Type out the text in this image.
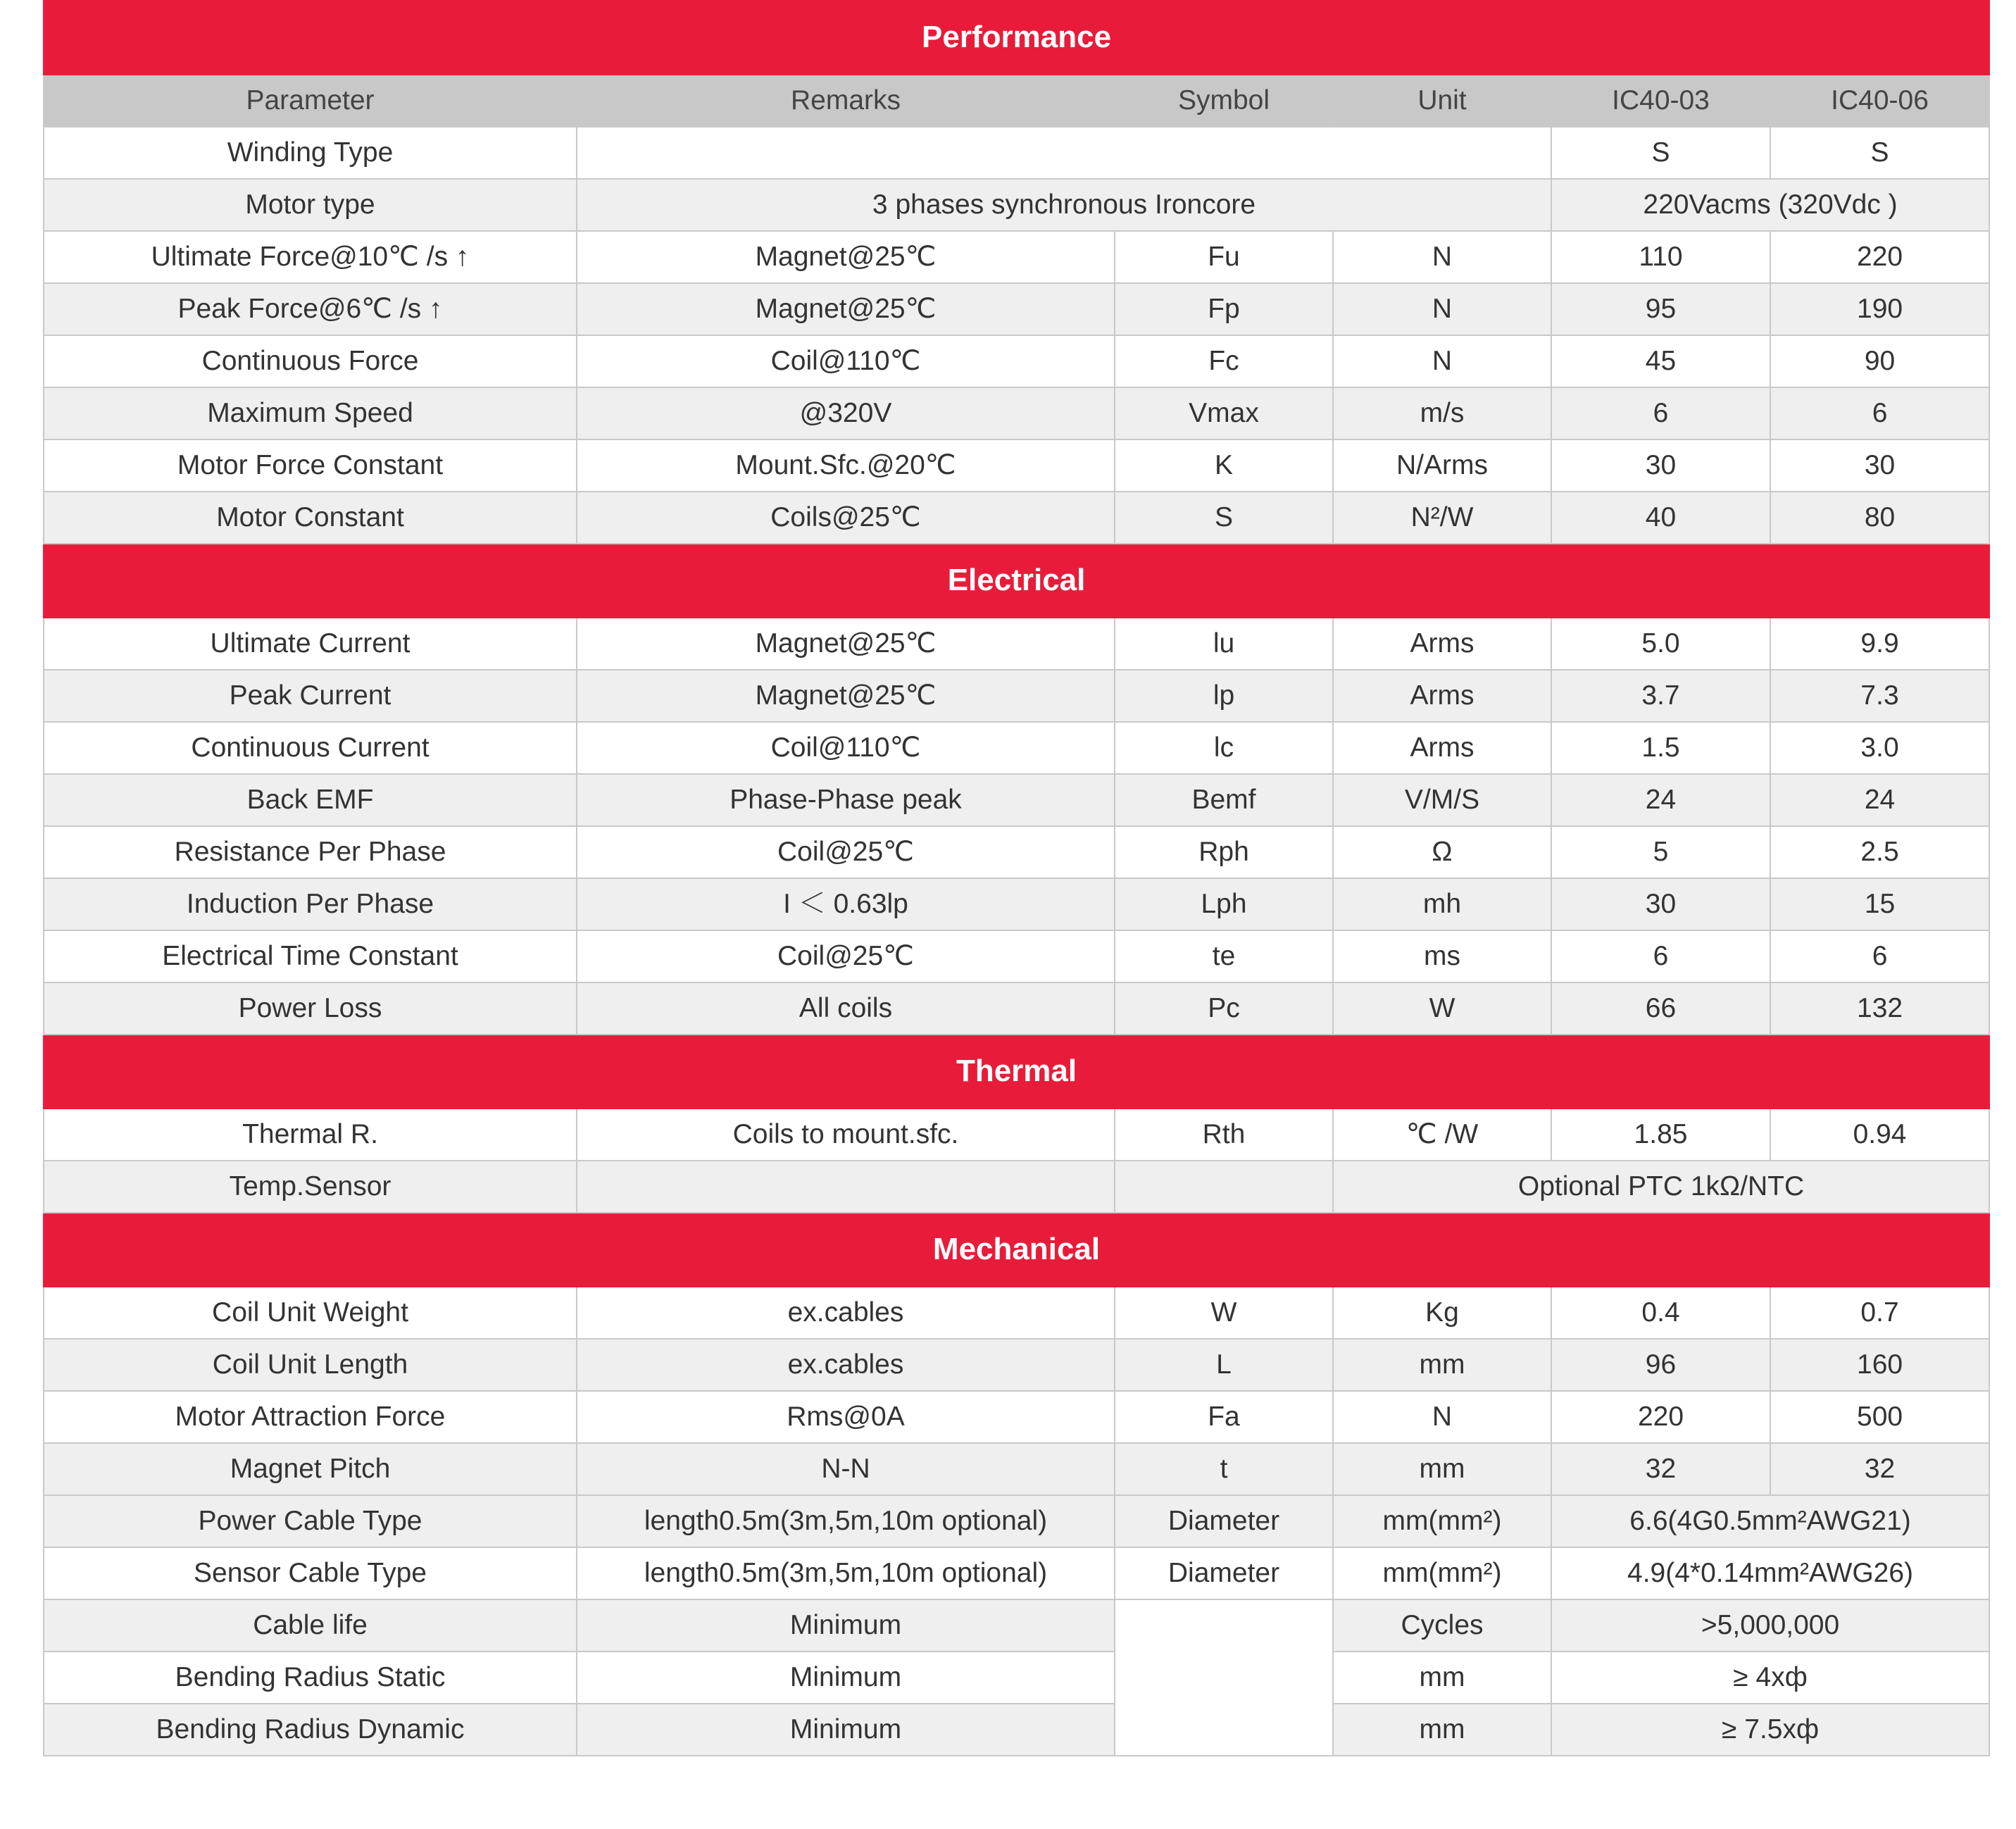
Performance					
Parameter	Remarks	Symbol	Unit	IC40-03	IC40-06
Winding Type				S	S
Motor type	3 phases synchronous Ironcore			220Vacms (320Vdc )	
Ultimate Force@10℃ /s ↑	Magnet@25℃	Fu	N	110	220
Peak Force@6℃ /s ↑	Magnet@25℃	Fp	N	95	190
Continuous Force	Coil@110℃	Fc	N	45	90
Maximum Speed	@320V	Vmax	m/s	6	6
Motor Force Constant	Mount.Sfc.@20℃	K	N/Arms	30	30
Motor Constant	Coils@25℃	S	N²/W	40	80
Electrical					
Ultimate Current	Magnet@25℃	lu	Arms	5.0	9.9
Peak Current	Magnet@25℃	lp	Arms	3.7	7.3
Continuous Current	Coil@110℃	lc	Arms	1.5	3.0
Back EMF	Phase-Phase peak	Bemf	V/M/S	24	24
Resistance Per Phase	Coil@25℃	Rph	Ω	5	2.5
Induction Per Phase	I ＜ 0.63lp	Lph	mh	30	15
Electrical Time Constant	Coil@25℃	te	ms	6	6
Power Loss	All coils	Pc	W	66	132
Thermal					
Thermal R.	Coils to mount.sfc.	Rth	℃ /W	1.85	0.94
Temp.Sensor			Optional PTC 1kΩ/NTC		
Mechanical					
Coil Unit Weight	ex.cables	W	Kg	0.4	0.7
Coil Unit Length	ex.cables	L	mm	96	160
Motor Attraction Force	Rms@0A	Fa	N	220	500
Magnet Pitch	N-N	t	mm	32	32
Power Cable Type	length0.5m(3m,5m,10m optional)	Diameter	mm(mm²)	6.6(4G0.5mm²AWG21)	
Sensor Cable Type	length0.5m(3m,5m,10m optional)	Diameter	mm(mm²)	4.9(4*0.14mm²AWG26)	
Cable life	Minimum		Cycles	>5,000,000	
Bending Radius Static	Minimum		mm	≥ 4xф	
Bending Radius Dynamic	Minimum		mm	≥ 7.5xф	
